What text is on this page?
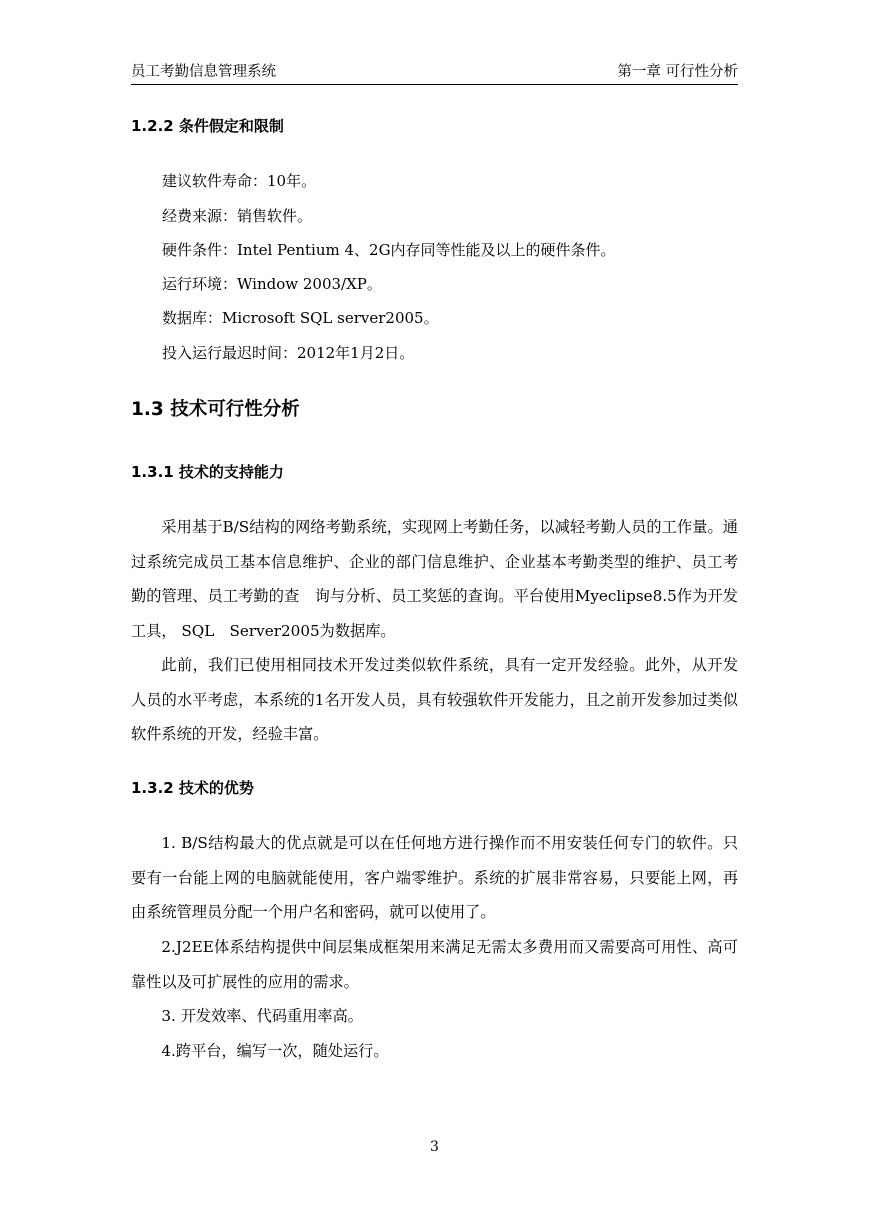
员工考勤信息管理系统	第一章 可行性分析
1.2.2 条件假定和限制
建议软件寿命：10年。
经费来源：销售软件。
硬件条件：Intel Pentium 4、2G内存同等性能及以上的硬件条件。
运行环境：Window 2003/XP。
数据库：Microsoft SQL server2005。
投入运行最迟时间：2012年1月2日。
1.3 技术可行性分析
1.3.1 技术的支持能力
采用基于B/S结构的网络考勤系统，实现网上考勤任务，以减轻考勤人员的工作量。通过系统完成员工基本信息维护、企业的部门信息维护、企业基本考勤类型的维护、员工考勤的管理、员工考勤的查　询与分析、员工奖惩的查询。平台使用Myeclipse8.5作为开发工具， SQL　Server2005为数据库。
此前，我们已使用相同技术开发过类似软件系统，具有一定开发经验。此外，从开发人员的水平考虑，本系统的1名开发人员，具有较强软件开发能力，且之前开发参加过类似软件系统的开发，经验丰富。
1.3.2 技术的优势
1. B/S结构最大的优点就是可以在任何地方进行操作而不用安装任何专门的软件。只要有一台能上网的电脑就能使用，客户端零维护。系统的扩展非常容易，只要能上网，再由系统管理员分配一个用户名和密码，就可以使用了。
2.J2EE体系结构提供中间层集成框架用来满足无需太多费用而又需要高可用性、高可靠性以及可扩展性的应用的需求。
3. 开发效率、代码重用率高。
4.跨平台，编写一次，随处运行。
3
